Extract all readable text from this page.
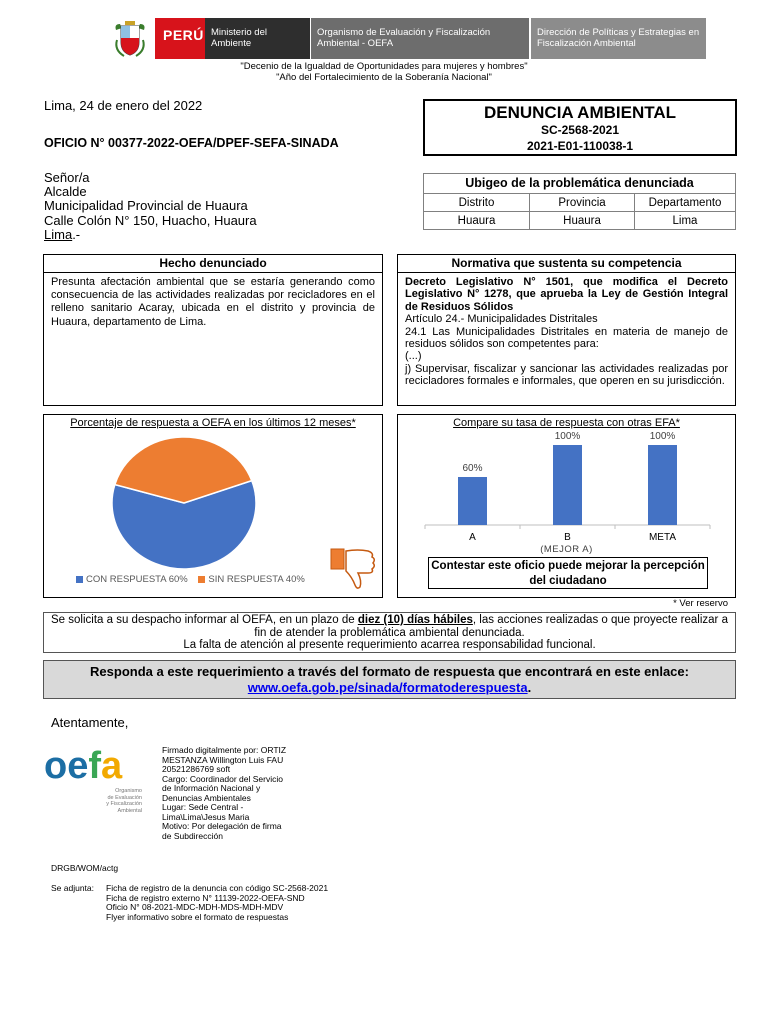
PERÚ Ministerio del Ambiente
Organismo de Evaluación y Fiscalización Ambiental - OEFA
Dirección de Políticas y Estrategias en Fiscalización Ambiental
"Decenio de la Igualdad de Oportunidades para mujeres y hombres"
"Año del Fortalecimiento de la Soberanía Nacional"
Lima, 24 de enero del 2022
OFICIO N° 00377-2022-OEFA/DPEF-SEFA-SINADA
DENUNCIA AMBIENTAL
SC-2568-2021
2021-E01-110038-1
Señor/a
Alcalde
Municipalidad Provincial de Huaura
Calle Colón N° 150, Huacho, Huaura
Lima.-
Ubigeo de la problemática denunciada
Distrito	Provincia	Departamento
Huaura	Huaura	Lima
Hecho denunciado
Presunta afectación ambiental que se estaría generando como consecuencia de las actividades realizadas por recicladores en el relleno sanitario Acaray, ubicada en el distrito y provincia de Huaura, departamento de Lima.
Normativa que sustenta su competencia
Decreto Legislativo N° 1501, que modifica el Decreto Legislativo N° 1278, que aprueba la Ley de Gestión Integral de Residuos Sólidos
Artículo 24.- Municipalidades Distritales
24.1 Las Municipalidades Distritales en materia de manejo de residuos sólidos son competentes para:
(...)
j) Supervisar, fiscalizar y sancionar las actividades realizadas por recicladores formales e informales, que operen en su jurisdicción.
Porcentaje de respuesta a OEFA en los últimos 12 meses*
CON RESPUESTA 60% SIN RESPUESTA 40%
Compare su tasa de respuesta con otras EFA*
60%
A
100%
B
100%
META
(MEJOR A)
Contestar este oficio puede mejorar la percepción del ciudadano
* Ver reservo
Se solicita a su despacho informar al OEFA, en un plazo de diez (10) días hábiles, las acciones realizadas o que proyecte realizar a fin de atender la problemática ambiental denunciada.
La falta de atención al presente requerimiento acarrea responsabilidad funcional.
Responda a este requerimiento a través del formato de respuesta que encontrará en este enlace:
www.oefa.gob.pe/sinada/formatoderespuesta.
Atentamente,
oefa
Organismo
de Evaluación
y Fiscalización
Ambiental
Firmado digitalmente por: ORTIZ
MESTANZA Willington Luis FAU
20521286769 soft
Cargo: Coordinador del Servicio
de Información Nacional y
Denuncias Ambientales
Lugar: Sede Central -
Lima\Lima\Jesus Maria
Motivo: Por delegación de firma
de Subdirección
DRGB/WOM/actg
Se adjunta: Ficha de registro de la denuncia con código SC-2568-2021
Ficha de registro externo N° 11139-2022-OEFA-SND
Oficio N° 08-2021-MDC-MDH-MDS-MDH-MDV
Flyer informativo sobre el formato de respuestas
